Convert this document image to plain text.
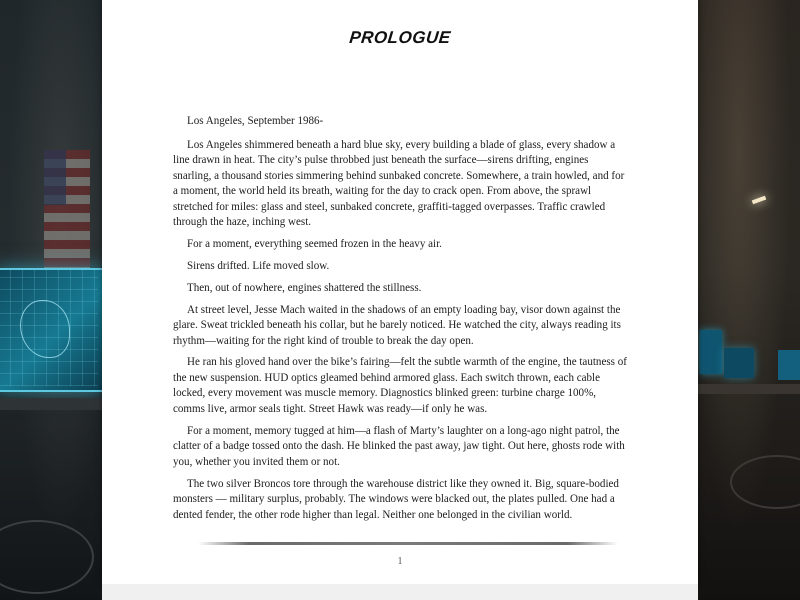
PROLOGUE

Los Angeles, September 1986-

Los Angeles shimmered beneath a hard blue sky, every building a blade of glass, every shadow a line drawn in heat. The city’s pulse throbbed just beneath the surface—sirens drifting, engines snarling, a thousand stories simmering behind sunbaked concrete. Somewhere, a train howled, and for a moment, the world held its breath, waiting for the day to crack open. From above, the sprawl stretched for miles: glass and steel, sunbaked concrete, graffiti-tagged overpasses. Traffic crawled through the haze, inching west.

For a moment, everything seemed frozen in the heavy air.

Sirens drifted. Life moved slow.

Then, out of nowhere, engines shattered the stillness.

At street level, Jesse Mach waited in the shadows of an empty loading bay, visor down against the glare. Sweat trickled beneath his collar, but he barely noticed. He watched the city, always reading its rhythm—waiting for the right kind of trouble to break the day open.

He ran his gloved hand over the bike’s fairing—felt the subtle warmth of the engine, the tautness of the new suspension. HUD optics gleamed behind armored glass. Each switch thrown, each cable locked, every movement was muscle memory. Diagnostics blinked green: turbine charge 100%, comms live, armor seals tight. Street Hawk was ready—if only he was.

For a moment, memory tugged at him—a flash of Marty’s laughter on a long-ago night patrol, the clatter of a badge tossed onto the dash. He blinked the past away, jaw tight. Out here, ghosts rode with you, whether you invited them or not.

The two silver Broncos tore through the warehouse district like they owned it. Big, square-bodied monsters — military surplus, probably. The windows were blacked out, the plates pulled. One had a dented fender, the other rode higher than legal. Neither one belonged in the civilian world.

1
